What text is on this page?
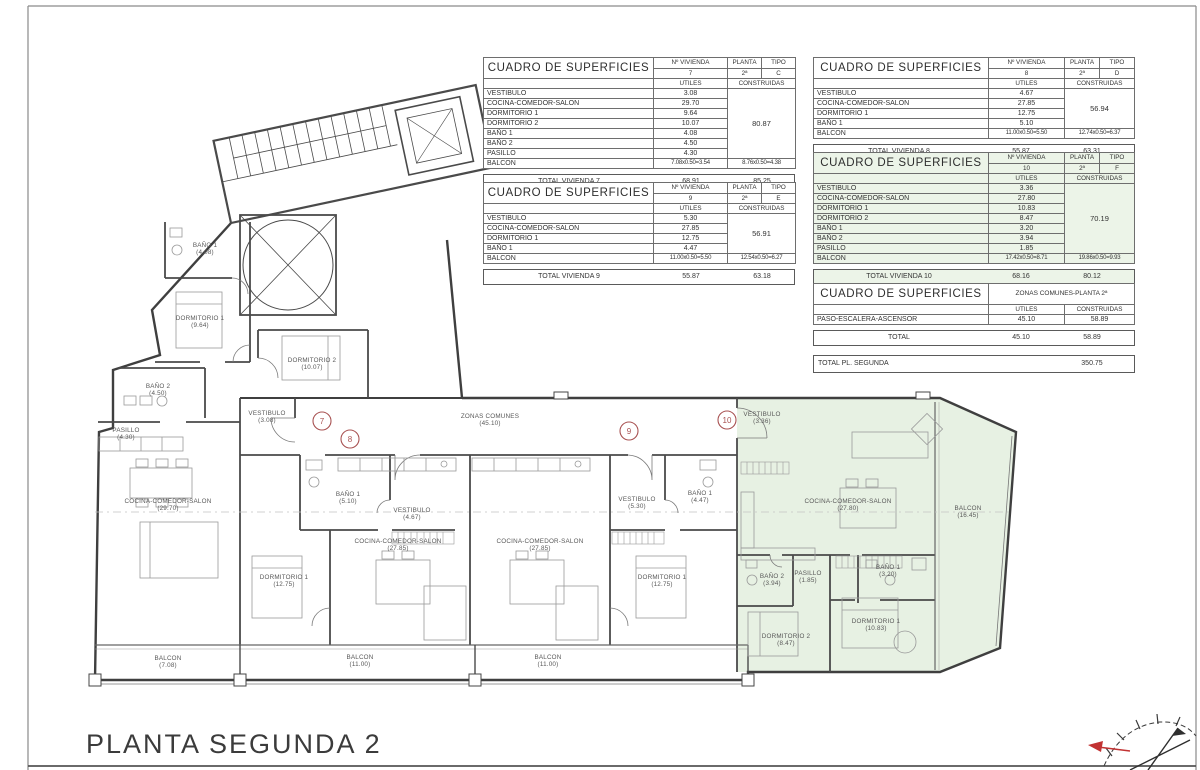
BAÑO 1 (4.08)
DORMITORIO 1 (9.64)
DORMITORIO 2 (10.07)
BAÑO 2 (4.50)
VESTIBULO (3.08)
PASILLO (4.30)
COCINA-COMEDOR-SALON (29.70)
BALCON (7.08)
BAÑO 1 (5.10)
VESTIBULO (4.67)
COCINA-COMEDOR-SALON (27.85)
DORMITORIO 1 (12.75)
BALCON (11.00)
VESTIBULO (5.30)
BAÑO 1 (4.47)
COCINA-COMEDOR-SALON (27.85)
DORMITORIO 1 (12.75)
BALCON (11.00)
ZONAS COMUNES (45.10)
VESTIBULO (3.36)
COCINA-COMEDOR-SALON (27.80)	BALCON (16.45)
BAÑO 2 (3.94)
PASILLO (1.85)
BAÑO 1 (3.20)
DORMITORIO 2 (8.47)
DORMITORIO 1 (10.83)
7
8
9
10
CUADRO DE SUPERFICIES	Nº VIVIENDA	PLANTA	TIPO
	7	2ª	C
	UTILES	CONSTRUIDAS	
VESTIBULO	3.08	80.87	
COCINA-COMEDOR-SALON	29.70		
DORMITORIO 1	9.64		
DORMITORIO 2	10.07		
BAÑO 1	4.08		
BAÑO 2	4.50		
PASILLO	4.30		
BALCON	7.08x0.50=3.54	8.76x0.50=4.38	
CUADRO DE SUPERFICIES	Nº VIVIENDA	PLANTA	TIPO
	9	2ª	E
	UTILES	CONSTRUIDAS	
VESTIBULO	5.30	56.91	
COCINA-COMEDOR-SALON	27.85		
DORMITORIO 1	12.75		
BAÑO 1	4.47		
BALCON	11.00x0.50=5.50	12.54x0.50=6.27	
TOTAL VIVIENDA 9	55.87	63.18
CUADRO DE SUPERFICIES	Nº VIVIENDA	PLANTA	TIPO
	8	2ª	D
	UTILES	CONSTRUIDAS	
VESTIBULO	4.67	56.94	
COCINA-COMEDOR-SALON	27.85		
DORMITORIO 1	12.75		
BAÑO 1	5.10		
BALCON	11.00x0.50=5.50	12.74x0.50=6.37	
CUADRO DE SUPERFICIES	Nº VIVIENDA	PLANTA	TIPO
	10	2ª	F
	UTILES	CONSTRUIDAS	
VESTIBULO	3.36	70.19	
COCINA-COMEDOR-SALON	27.80		
DORMITORIO 1	10.83		
DORMITORIO 2	8.47		
BAÑO 1	3.20		
BAÑO 2	3.94		
PASILLO	1.85		
BALCON	17.42x0.50=8.71	19.86x0.50=9.93	
TOTAL VIVIENDA 10	68.16	80.12
CUADRO DE SUPERFICIES	ZONAS COMUNES-PLANTA 2ª	
	UTILES	CONSTRUIDAS
PASO-ESCALERA-ASCENSOR	45.10	58.89
TOTAL	45.10	58.89
TOTAL PL. SEGUNDA	350.75
PLANTA SEGUNDA 2
